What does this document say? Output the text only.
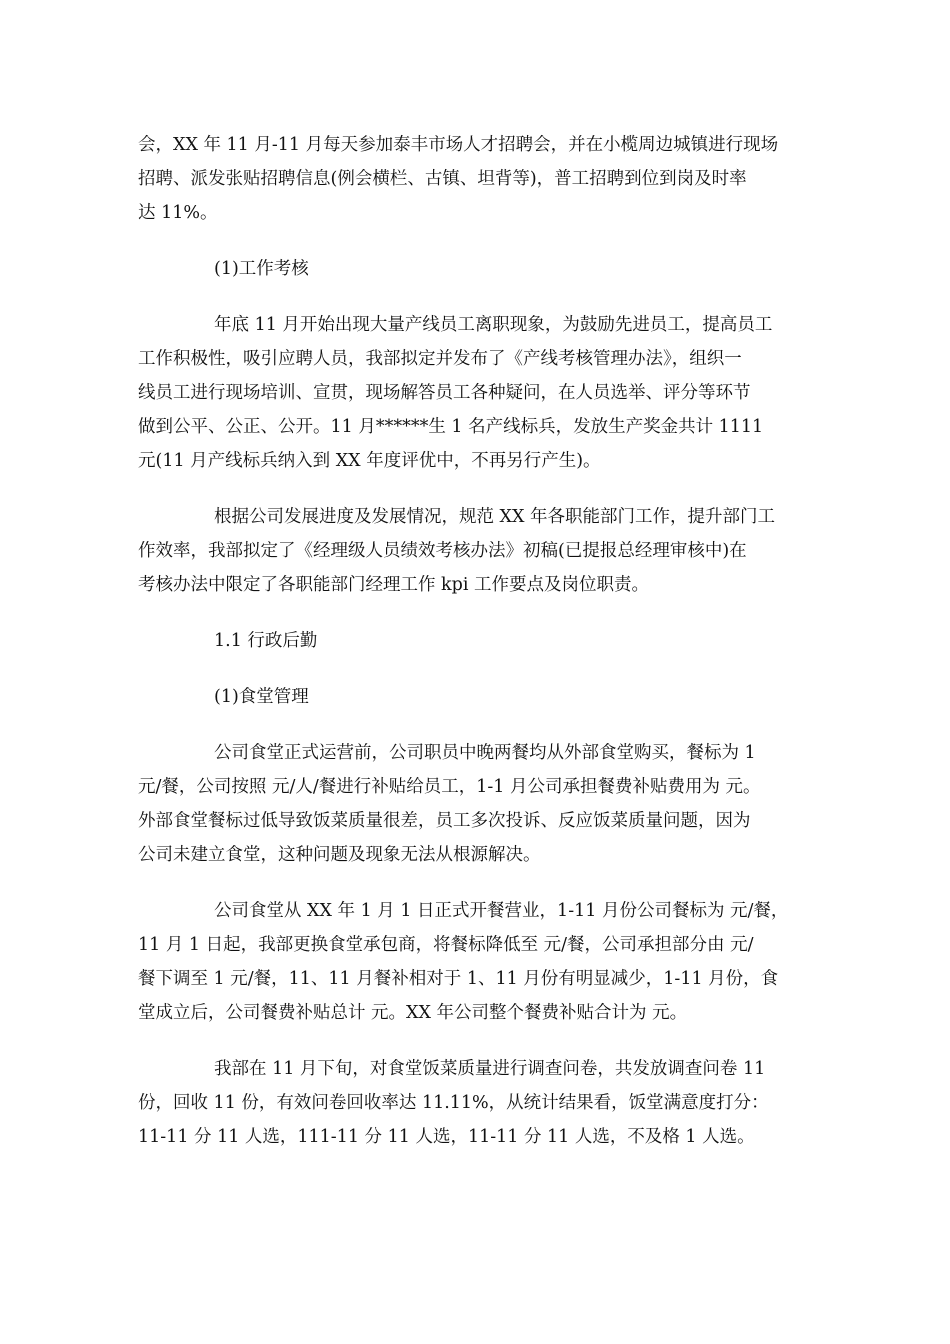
会，XX 年 11 月-11 月每天参加泰丰市场人才招聘会，并在小榄周边城镇进行现场
招聘、派发张贴招聘信息(例会横栏、古镇、坦背等)，普工招聘到位到岗及时率
达 11%。

(1)工作考核

年底 11 月开始出现大量产线员工离职现象，为鼓励先进员工，提高员工
工作积极性，吸引应聘人员，我部拟定并发布了《产线考核管理办法》，组织一
线员工进行现场培训、宣贯，现场解答员工各种疑问，在人员选举、评分等环节
做到公平、公正、公开。11 月******生 1 名产线标兵，发放生产奖金共计 1111
元(11 月产线标兵纳入到 XX 年度评优中，不再另行产生)。

根据公司发展进度及发展情况，规范 XX 年各职能部门工作，提升部门工
作效率，我部拟定了《经理级人员绩效考核办法》初稿(已提报总经理审核中)在
考核办法中限定了各职能部门经理工作 kpi 工作要点及岗位职责。

1.1 行政后勤

(1)食堂管理

公司食堂正式运营前，公司职员中晚两餐均从外部食堂购买，餐标为 1
元/餐，公司按照 元/人/餐进行补贴给员工，1-1 月公司承担餐费补贴费用为 元。
外部食堂餐标过低导致饭菜质量很差，员工多次投诉、反应饭菜质量问题，因为
公司未建立食堂，这种问题及现象无法从根源解决。

公司食堂从 XX 年 1 月 1 日正式开餐营业，1-11 月份公司餐标为 元/餐，
11 月 1 日起，我部更换食堂承包商，将餐标降低至 元/餐，公司承担部分由 元/
餐下调至 1 元/餐，11、11 月餐补相对于 1、11 月份有明显减少，1-11 月份，食
堂成立后，公司餐费补贴总计 元。XX 年公司整个餐费补贴合计为 元。

我部在 11 月下旬，对食堂饭菜质量进行调查问卷，共发放调查问卷 11
份，回收 11 份，有效问卷回收率达 11.11%，从统计结果看，饭堂满意度打分：
11-11 分 11 人选，111-11 分 11 人选，11-11 分 11 人选，不及格 1 人选。
